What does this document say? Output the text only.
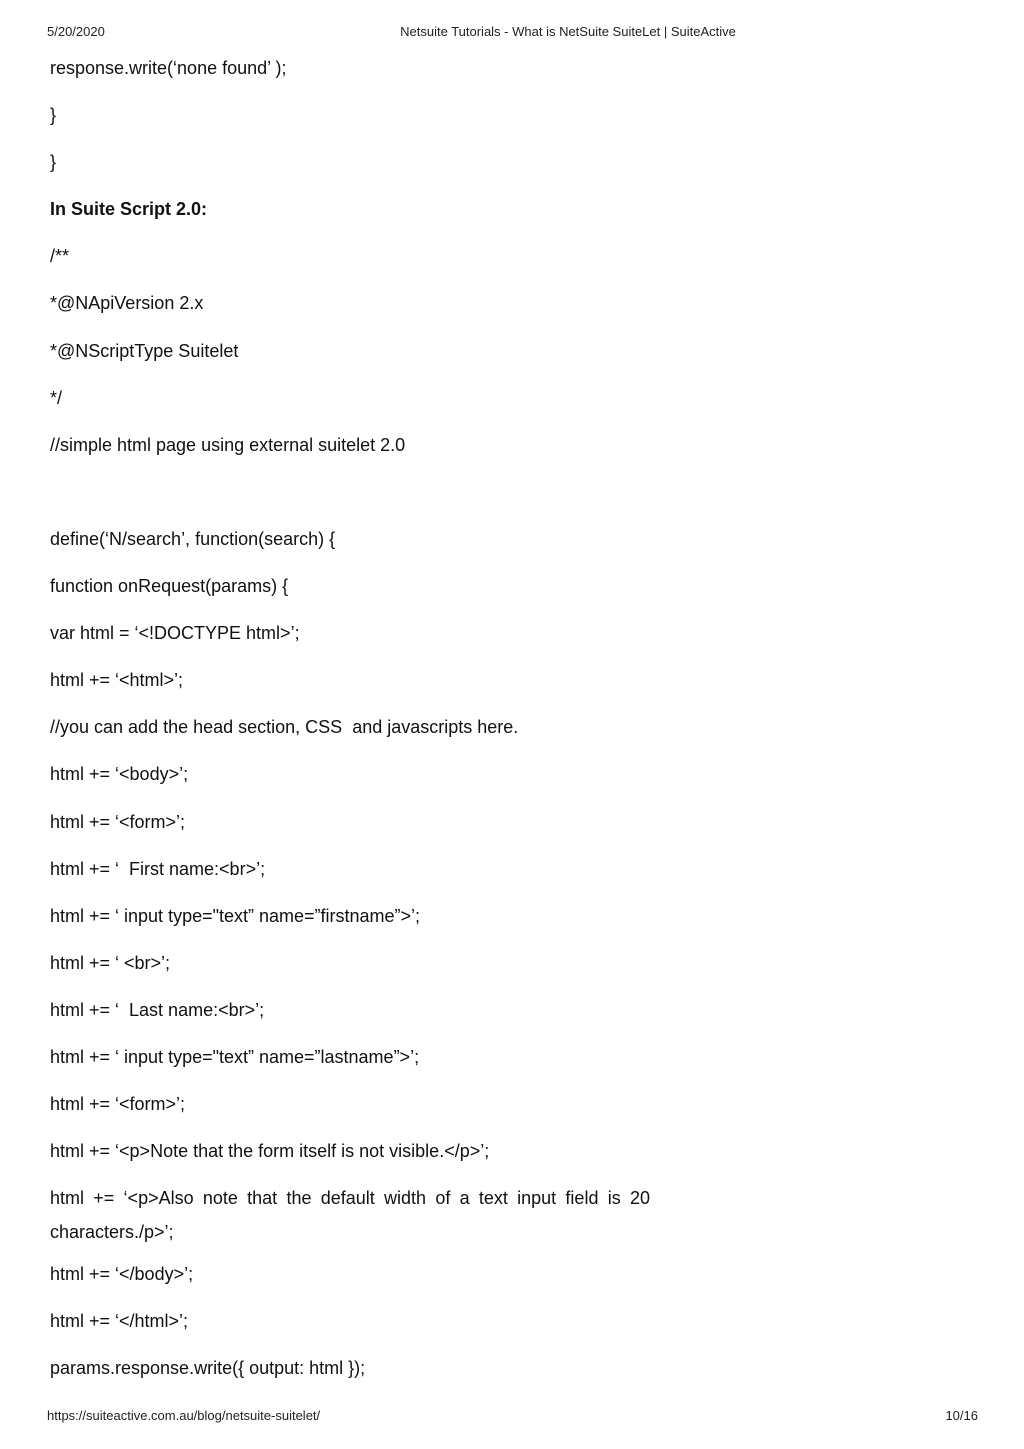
5/20/2020	Netsuite Tutorials - What is NetSuite SuiteLet | SuiteActive
response.write(‘none found’ );
}
}
In Suite Script 2.0:
/**
*@NApiVersion 2.x
*@NScriptType Suitelet
*/
//simple html page using external suitelet 2.0
define(‘N/search’, function(search) {
function onRequest(params) {
var html = ‘<!DOCTYPE html>’;
html += ‘<html>’;
//you can add the head section, CSS  and javascripts here.
html += ‘<body>’;
html += ‘<form>’;
html += ‘  First name:<br>’;
html += ‘ input type="text” name=”firstname”>’;
html += ‘ <br>’;
html += ‘  Last name:<br>’;
html += ‘ input type="text” name=”lastname”>’;
html += ‘<form>’;
html += ‘<p>Note that the form itself is not visible.</p>’;
html += ‘<p>Also note that the default width of a text input field is 20 characters./p>’;
html += ‘</body>’;
html += ‘</html>’;
params.response.write({ output: html });
https://suiteactive.com.au/blog/netsuite-suitelet/	10/16
